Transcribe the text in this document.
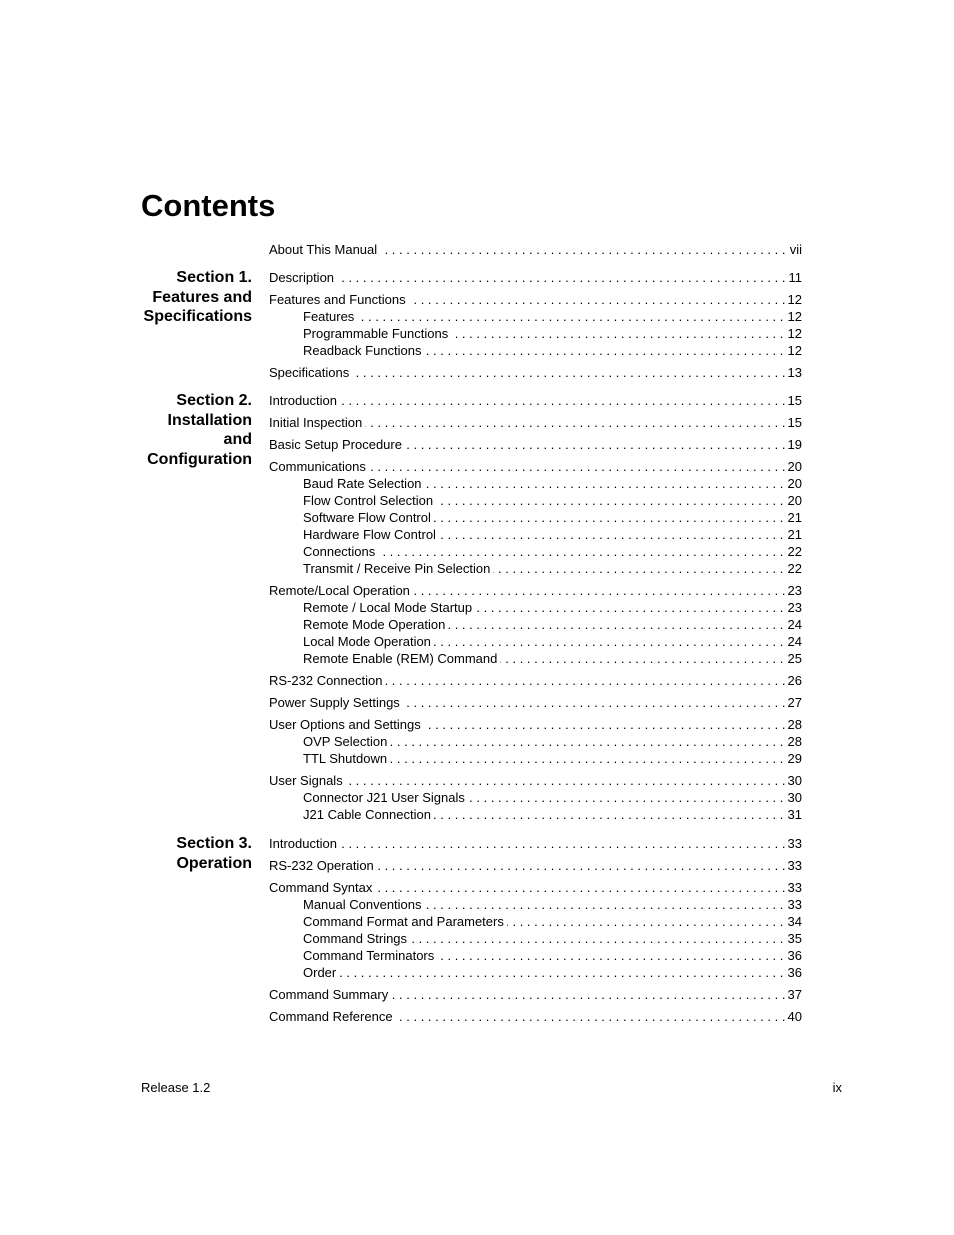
Contents
. . .
About This Manual	vii
Section 1.
Features and
Specifications
. . .
Description	11
. . .
Features and Functions	12
. . .
Features	12
. . .
Programmable Functions	12
. . .
Readback Functions	12
. . .
Specifications	13
Section 2.
Installation
and
Configuration
. . .
Introduction	15
. . .
Initial Inspection	15
. . .
Basic Setup Procedure	19
. . .
Communications	20
. . .
Baud Rate Selection	20
. . .
Flow Control Selection	20
. . .
Software Flow Control	21
. . .
Hardware Flow Control	21
. . .
Connections	22
. . .
Transmit / Receive Pin Selection	22
. . .
Remote/Local Operation	23
. . .
Remote / Local Mode Startup	23
. . .
Remote Mode Operation	24
. . .
Local Mode Operation	24
. . .
Remote Enable (REM) Command	25
. . .
RS-232 Connection	26
. . .
Power Supply Settings	27
. . .
User Options and Settings	28
. . .
OVP Selection	28
. . .
TTL Shutdown	29
. . .
User Signals	30
. . .
Connector J21 User Signals	30
. . .
J21 Cable Connection	31
Section 3.
Operation
. . .
Introduction	33
. . .
RS-232 Operation	33
. . .
Command Syntax	33
. . .
Manual Conventions	33
. . .
Command Format and Parameters	34
. . .
Command Strings	35
. . .
Command Terminators	36
. . .
Order	36
. . .
Command Summary	37
. . .
Command Reference	40
Release 1.2	ix
